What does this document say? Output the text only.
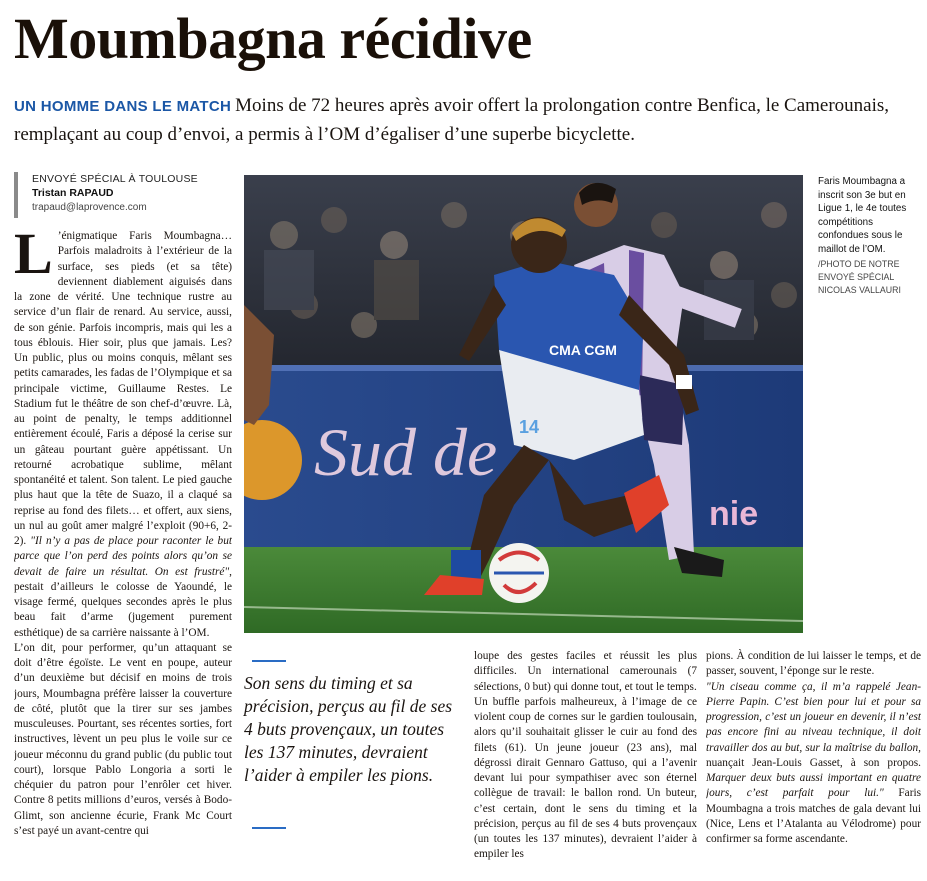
Moumbagna récidive
UN HOMME DANS LE MATCH Moins de 72 heures après avoir offert la prolongation contre Benfica, le Camerounais, remplaçant au coup d’envoi, a permis à l’OM d’égaliser d’une superbe bicyclette.
ENVOYÉ SPÉCIAL À TOULOUSE
Tristan RAPAUD
trapaud@laprovence.com

L ’énigmatique Faris Moumbagna… Parfois maladroits à l’extérieur de la surface, ses pieds (et sa tête) deviennent diablement aiguisés dans la zone de vérité. Une technique rustre au service d’un flair de renard. Au service, aussi, de son génie. Parfois incompris, mais qui les a tous éblouis. Hier soir, plus que jamais. Les? Un public, plus ou moins conquis, mêlant ses petits camarades, les fadas de l’Olympique et sa principale victime, Guillaume Restes. Le Stadium fut le théâtre de son chef-d’œuvre. Là, au point de penalty, le temps additionnel entièrement écoulé, Faris a déposé la cerise sur un gâteau pourtant guère appétissant. Un retourné acrobatique sublime, mêlant spontanéité et talent. Son talent. Le pied gauche plus haut que la tête de Suazo, il a claqué sa reprise au fond des filets… et offert, aux siens, un nul au goût amer malgré l’exploit (90+6, 2-2). "Il n’y a pas de place pour raconter le but parce que l’on perd des points alors qu’on se devait de faire un résultat. On est frustré", pestait d’ailleurs le colosse de Yaoundé, le visage fermé, quelques secondes après le plus beau fait d’arme (jugement purement esthétique) de sa carrière naissante à l’OM.

L’on dit, pour performer, qu’un attaquant se doit d’être égoïste. Le vent en poupe, auteur d’un deuxième but décisif en moins de trois jours, Moumbagna préfère laisser la couverture de côté, plutôt que la tirer sur ses jambes musculeuses. Pourtant, ses récentes sorties, fort instructives, lèvent un peu plus le voile sur ce joueur méconnu du grand public (du public tout court), lorsque Pablo Longoria a sorti le chéquier du patron pour l’enrôler cet hiver. Contre 8 petits millions d’euros, versés à Bodo-Glimt, son ancienne écurie, Frank Mc Court s’est payé un avant-centre qui

Sud de
nie
CMA CGM
14
Faris Moumbagna a inscrit son 3e but en Ligue 1, le 4e toutes compétitions confondues sous le maillot de l’OM.
/PHOTO DE NOTRE ENVOYÉ SPÉCIAL NICOLAS VALLAURI
Son sens du timing et sa précision, perçus au fil de ses 4 buts provençaux, un toutes les 137 minutes, devraient l’aider à empiler les pions.

loupe des gestes faciles et réussit les plus difficiles. Un international camerounais (7 sélections, 0 but) qui donne tout, et tout le temps.

Un buffle parfois malheureux, à l’image de ce violent coup de cornes sur le gardien toulousain, alors qu’il souhaitait glisser le cuir au fond des filets (61). Un jeune joueur (23 ans), mal dégrossi dirait Gennaro Gattuso, qui a l’avenir devant lui pour sympathiser avec son éternel collègue de travail: le ballon rond. Un buteur, c’est certain, dont le sens du timing et la précision, perçus au fil de ses 4 buts provençaux (un toutes les 137 minutes), devraient l’aider à empiler les

pions. À condition de lui laisser le temps, et de passer, souvent, l’éponge sur le reste.

"Un ciseau comme ça, il m’a rappelé Jean-Pierre Papin. C’est bien pour lui et pour sa progression, c’est un joueur en devenir, il n’est pas encore fini au niveau technique, il doit travailler dos au but, sur la maîtrise du ballon, nuançait Jean-Louis Gasset, à son propos. Marquer deux buts aussi important en quatre jours, c’est parfait pour lui." Faris Moumbagna a trois matches de gala devant lui (Nice, Lens et l’Atalanta au Vélodrome) pour confirmer sa forme ascendante.
